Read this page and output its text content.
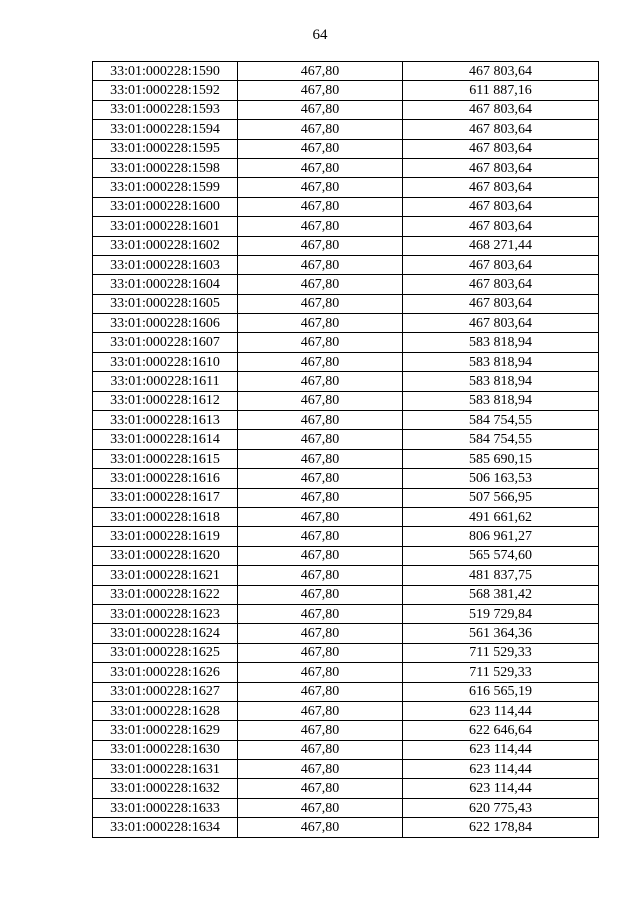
64
33:01:000228:1590	467,80	467 803,64
33:01:000228:1592	467,80	611 887,16
33:01:000228:1593	467,80	467 803,64
33:01:000228:1594	467,80	467 803,64
33:01:000228:1595	467,80	467 803,64
33:01:000228:1598	467,80	467 803,64
33:01:000228:1599	467,80	467 803,64
33:01:000228:1600	467,80	467 803,64
33:01:000228:1601	467,80	467 803,64
33:01:000228:1602	467,80	468 271,44
33:01:000228:1603	467,80	467 803,64
33:01:000228:1604	467,80	467 803,64
33:01:000228:1605	467,80	467 803,64
33:01:000228:1606	467,80	467 803,64
33:01:000228:1607	467,80	583 818,94
33:01:000228:1610	467,80	583 818,94
33:01:000228:1611	467,80	583 818,94
33:01:000228:1612	467,80	583 818,94
33:01:000228:1613	467,80	584 754,55
33:01:000228:1614	467,80	584 754,55
33:01:000228:1615	467,80	585 690,15
33:01:000228:1616	467,80	506 163,53
33:01:000228:1617	467,80	507 566,95
33:01:000228:1618	467,80	491 661,62
33:01:000228:1619	467,80	806 961,27
33:01:000228:1620	467,80	565 574,60
33:01:000228:1621	467,80	481 837,75
33:01:000228:1622	467,80	568 381,42
33:01:000228:1623	467,80	519 729,84
33:01:000228:1624	467,80	561 364,36
33:01:000228:1625	467,80	711 529,33
33:01:000228:1626	467,80	711 529,33
33:01:000228:1627	467,80	616 565,19
33:01:000228:1628	467,80	623 114,44
33:01:000228:1629	467,80	622 646,64
33:01:000228:1630	467,80	623 114,44
33:01:000228:1631	467,80	623 114,44
33:01:000228:1632	467,80	623 114,44
33:01:000228:1633	467,80	620 775,43
33:01:000228:1634	467,80	622 178,84
